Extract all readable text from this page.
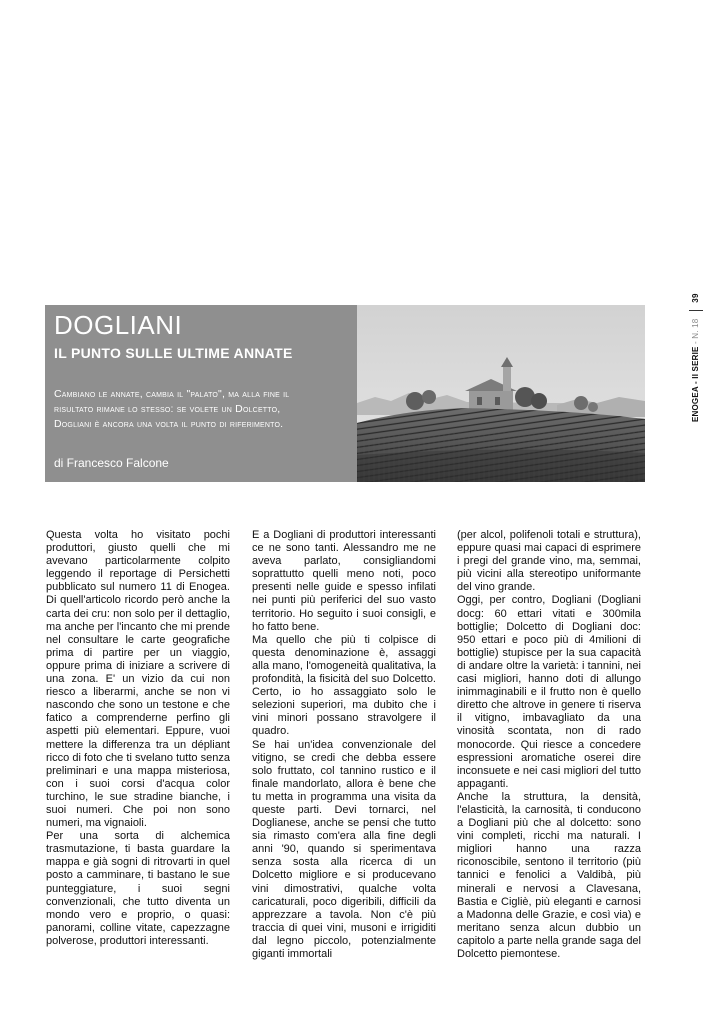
ENOGEA - II SERIE - N. 18  39
DOGLIANI
IL PUNTO SULLE ULTIME ANNATE

Cambiano le annate, cambia il "palato", ma alla fine il risultato rimane lo stesso: se volete un Dolcetto, Dogliani è ancora una volta il punto di riferimento.

di Francesco Falcone

Questa volta ho visitato pochi produttori, giusto quelli che mi avevano particolarmente colpito leggendo il reportage di Persichetti pubblicato sul numero 11 di Enogea. Di quell'articolo ricordo però anche la carta dei cru: non solo per il dettaglio, ma anche per l'incanto che mi prende nel consultare le carte geografiche prima di partire per un viaggio, oppure prima di iniziare a scrivere di una zona. E' un vizio da cui non riesco a liberarmi, anche se non vi nascondo che sono un testone e che fatico a comprenderne perfino gli aspetti più elementari. Eppure, vuoi mettere la differenza tra un dépliant ricco di foto che ti svelano tutto senza preliminari e una mappa misteriosa, con i suoi corsi d'acqua color turchino, le sue stradine bianche, i suoi numeri. Che poi non sono numeri, ma vignaioli.

Per una sorta di alchemica trasmutazione, ti basta guardare la mappa e già sogni di ritrovarti in quel posto a camminare, ti bastano le sue punteggiature, i suoi segni convenzionali, che tutto diventa un mondo vero e proprio, o quasi: panorami, colline vitate, capezzagne polverose, produttori interessanti.

E a Dogliani di produttori interessanti ce ne sono tanti. Alessandro me ne aveva parlato, consigliandomi soprattutto quelli meno noti, poco presenti nelle guide e spesso infilati nei punti più periferici del suo vasto territorio. Ho seguito i suoi consigli, e ho fatto bene.

Ma quello che più ti colpisce di questa denominazione è, assaggi alla mano, l'omogeneità qualitativa, la profondità, la fisicità del suo Dolcetto. Certo, io ho assaggiato solo le selezioni superiori, ma dubito che i vini minori possano stravolgere il quadro.

Se hai un'idea convenzionale del vitigno, se credi che debba essere solo fruttato, col tannino rustico e il finale mandorlato, allora è bene che tu metta in programma una visita da queste parti. Devi tornarci, nel Doglianese, anche se pensi che tutto sia rimasto com'era alla fine degli anni '90, quando si sperimentava senza sosta alla ricerca di un Dolcetto migliore e si producevano vini dimostrativi, qualche volta caricaturali, poco digeribili, difficili da apprezzare a tavola. Non c'è più traccia di quei vini, musoni e irrigiditi dal legno piccolo, potenzialmente giganti immortali

(per alcol, polifenoli totali e struttura), eppure quasi mai capaci di esprimere i pregi del grande vino, ma, semmai, più vicini alla stereotipo uniformante del vino grande.

Oggi, per contro, Dogliani (Dogliani docg: 60 ettari vitati e 300mila bottiglie; Dolcetto di Dogliani doc: 950 ettari e poco più di 4milioni di bottiglie) stupisce per la sua capacità di andare oltre la varietà: i tannini, nei casi migliori, hanno doti di allungo inimmaginabili e il frutto non è quello diretto che altrove in genere ti riserva il vitigno, imbavagliato da una vinosità scontata, non di rado monocorde. Qui riesce a concedere espressioni aromatiche oserei dire inconsuete e nei casi migliori del tutto appaganti.

Anche la struttura, la densità, l'elasticità, la carnosità, ti conducono a Dogliani più che al dolcetto: sono vini completi, ricchi ma naturali. I migliori hanno una razza riconoscibile, sentono il territorio (più tannici e fenolici a Valdibà, più minerali e nervosi a Clavesana, Bastia e Cigliè, più eleganti e carnosi a Madonna delle Grazie, e così via) e meritano senza alcun dubbio un capitolo a parte nella grande saga del Dolcetto piemontese.
